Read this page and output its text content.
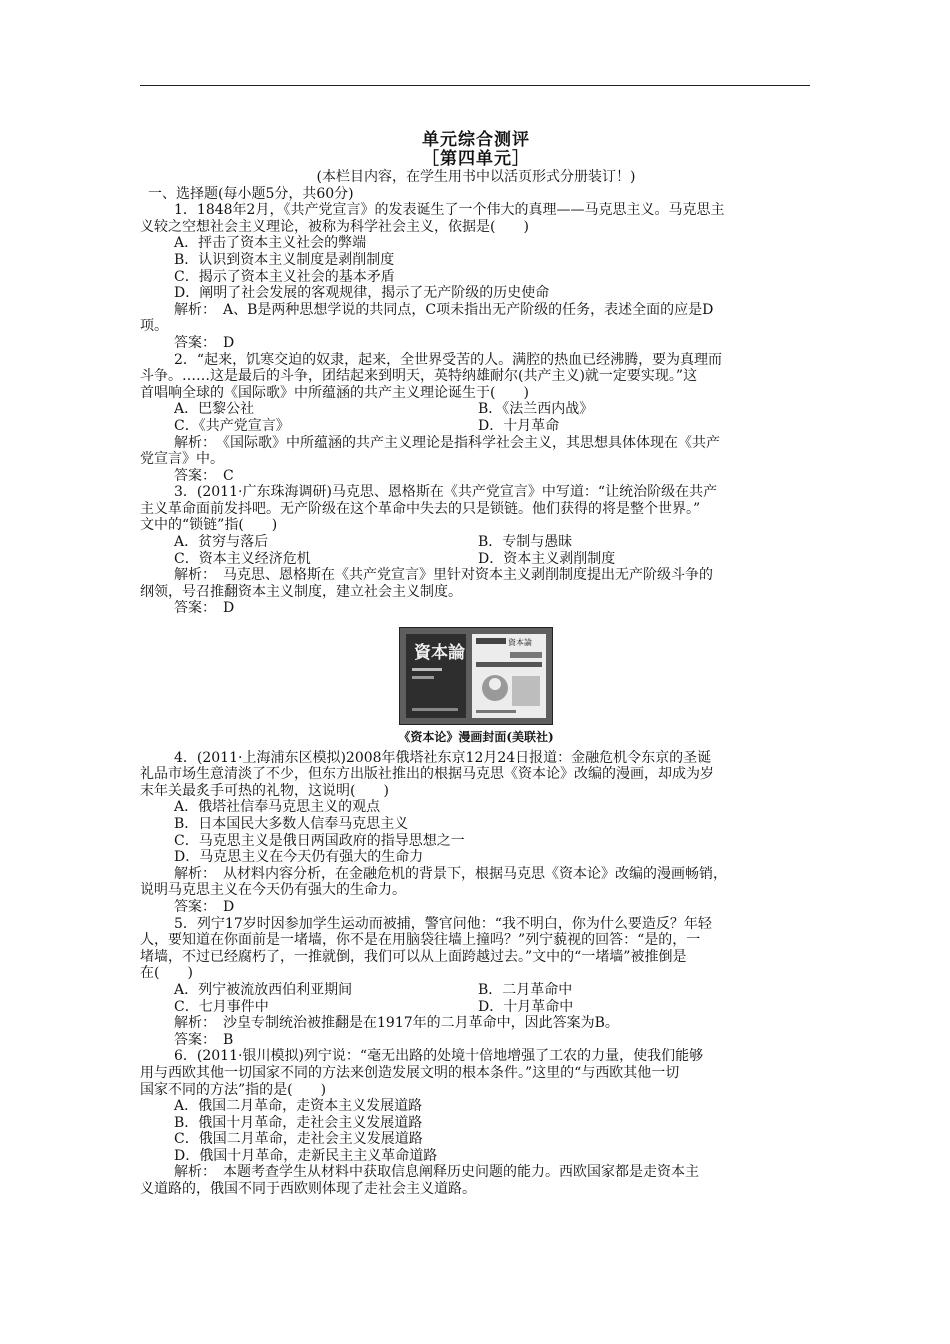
单元综合测评
［第四单元］
(本栏目内容，在学生用书中以活页形式分册装订！)
一、选择题(每小题5分，共60分)
1．1848年2月，《共产党宣言》的发表诞生了一个伟大的真理——马克思主义。马克思主
义较之空想社会主义理论，被称为科学社会主义，依据是(　　)
A．抨击了资本主义社会的弊端
B．认识到资本主义制度是剥削制度
C．揭示了资本主义社会的基本矛盾
D．阐明了社会发展的客观规律，揭示了无产阶级的历史使命
解析：　A、B是两种思想学说的共同点，C项未指出无产阶级的任务，表述全面的应是D
项。
答案：　D
2．“起来，饥寒交迫的奴隶，起来，全世界受苦的人。满腔的热血已经沸腾，要为真理而
斗争。……这是最后的斗争，团结起来到明天，英特纳雄耐尔(共产主义)就一定要实现。”这
首唱响全球的《国际歌》中所蕴涵的共产主义理论诞生于(　　)
A．巴黎公社	B．《法兰西内战》
C．《共产党宣言》	D．十月革命
解析：　《国际歌》中所蕴涵的共产主义理论是指科学社会主义，其思想具体体现在《共产
党宣言》中。
答案：　C
3．(2011·广东珠海调研)马克思、恩格斯在《共产党宣言》中写道：“让统治阶级在共产
主义革命面前发抖吧。无产阶级在这个革命中失去的只是锁链。他们获得的将是整个世界。”
文中的“锁链”指(　　)
A．贫穷与落后	B．专制与愚昧
C．资本主义经济危机	D．资本主义剥削制度
解析：　马克思、恩格斯在《共产党宣言》里针对资本主义剥削制度提出无产阶级斗争的
纲领，号召推翻资本主义制度，建立社会主义制度。
答案：　D
資本論
資本論
《资本论》漫画封面(美联社)
4．(2011·上海浦东区模拟)2008年俄塔社东京12月24日报道：金融危机令东京的圣诞
礼品市场生意清淡了不少，但东方出版社推出的根据马克思《资本论》改编的漫画，却成为岁
末年关最炙手可热的礼物，这说明(　　)
A．俄塔社信奉马克思主义的观点
B．日本国民大多数人信奉马克思主义
C．马克思主义是俄日两国政府的指导思想之一
D．马克思主义在今天仍有强大的生命力
解析：　从材料内容分析，在金融危机的背景下，根据马克思《资本论》改编的漫画畅销，
说明马克思主义在今天仍有强大的生命力。
答案：　D
5．列宁17岁时因参加学生运动而被捕，警官问他：“我不明白，你为什么要造反？年轻
人，要知道在你面前是一堵墙，你不是在用脑袋往墙上撞吗？”列宁藐视的回答：“是的，一
堵墙，不过已经腐朽了，一推就倒，我们可以从上面跨越过去。”文中的“一堵墙”被推倒是
在(　　)
A．列宁被流放西伯利亚期间	B．二月革命中
C．七月事件中	D．十月革命中
解析：　沙皇专制统治被推翻是在1917年的二月革命中，因此答案为B。
答案：　B
6．(2011·银川模拟)列宁说：“毫无出路的处境十倍地增强了工农的力量，使我们能够
用与西欧其他一切国家不同的方法来创造发展文明的根本条件。”这里的“与西欧其他一切
国家不同的方法”指的是(　　)
A．俄国二月革命，走资本主义发展道路
B．俄国十月革命，走社会主义发展道路
C．俄国二月革命，走社会主义发展道路
D．俄国十月革命，走新民主主义革命道路
解析：　本题考查学生从材料中获取信息阐释历史问题的能力。西欧国家都是走资本主
义道路的，俄国不同于西欧则体现了走社会主义道路。
